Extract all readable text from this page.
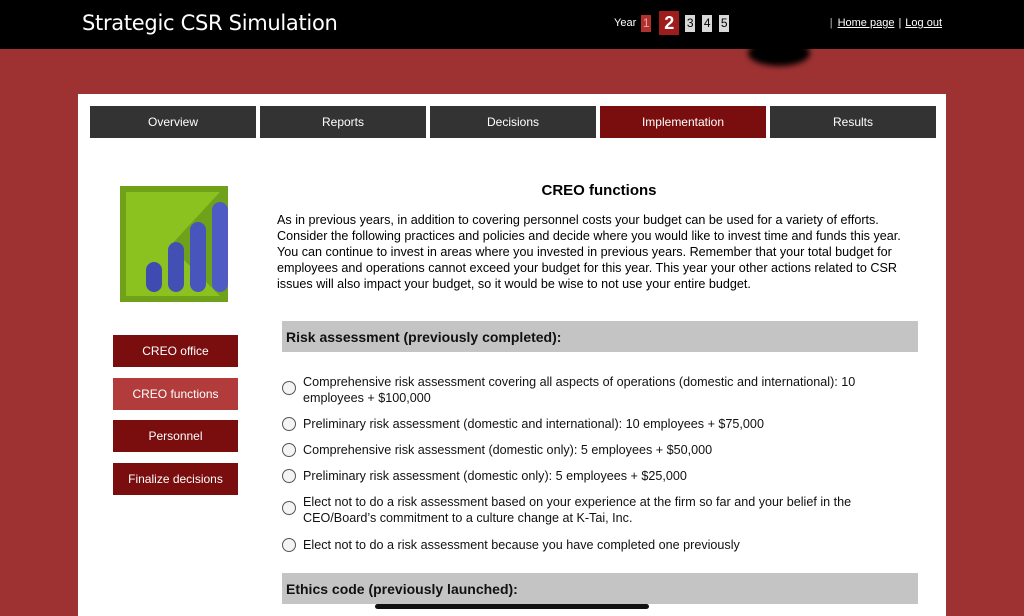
Strategic CSR Simulation	Year 1 2	3 4 5	| Home page | Log out
Overview	Reports	Decisions	Implementation	Results
CREO office
CREO functions
Personnel
Finalize decisions
CREO functions
As in previous years, in addition to covering personnel costs your budget can be used for a variety of efforts. Consider the following practices and policies and decide where you would like to invest time and funds this year. You can continue to invest in areas where you invested in previous years. Remember that your total budget for employees and operations cannot exceed your budget for this year. This year your other actions related to CSR issues will also impact your budget, so it would be wise to not use your entire budget.
Risk assessment (previously completed):
Comprehensive risk assessment covering all aspects of operations (domestic and international): 10 employees + $100,000
Preliminary risk assessment (domestic and international): 10 employees + $75,000
Comprehensive risk assessment (domestic only): 5 employees + $50,000
Preliminary risk assessment (domestic only): 5 employees + $25,000
Elect not to do a risk assessment based on your experience at the firm so far and your belief in the CEO/Board’s commitment to a culture change at K-Tai, Inc.
Elect not to do a risk assessment because you have completed one previously
Ethics code (previously launched):
